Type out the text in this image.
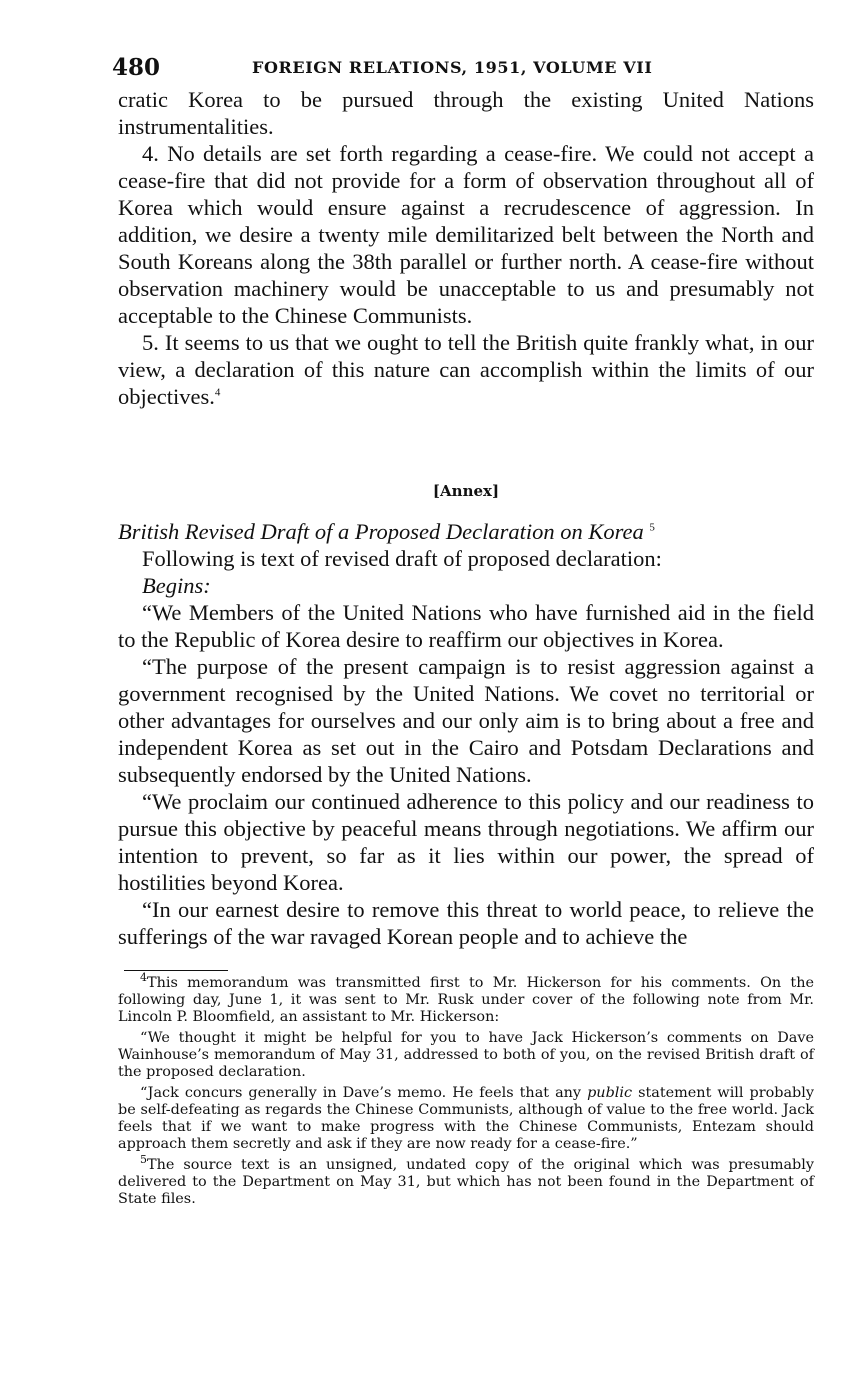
480	FOREIGN RELATIONS, 1951, VOLUME VII

cratic Korea to be pursued through the existing United Nations instrumentalities.

4. No details are set forth regarding a cease-fire. We could not accept a cease-fire that did not provide for a form of observation throughout all of Korea which would ensure against a recrudescence of aggression. In addition, we desire a twenty mile demilitarized belt between the North and South Koreans along the 38th parallel or further north. A cease-fire without observation machinery would be unacceptable to us and presumably not acceptable to the Chinese Communists.

5. It seems to us that we ought to tell the British quite frankly what, in our view, a declaration of this nature can accomplish within the limits of our objectives.$^4$

[Annex]

British Revised Draft of a Proposed Declaration on Korea $^5$

Following is text of revised draft of proposed declaration:

Begins:

“We Members of the United Nations who have furnished aid in the field to the Republic of Korea desire to reaffirm our objectives in Korea.

“The purpose of the present campaign is to resist aggression against a government recognised by the United Nations. We covet no territorial or other advantages for ourselves and our only aim is to bring about a free and independent Korea as set out in the Cairo and Potsdam Declarations and subsequently endorsed by the United Nations.

“We proclaim our continued adherence to this policy and our readiness to pursue this objective by peaceful means through negotiations. We affirm our intention to prevent, so far as it lies within our power, the spread of hostilities beyond Korea.

“In our earnest desire to remove this threat to world peace, to relieve the sufferings of the war ravaged Korean people and to achieve the

$^4$This memorandum was transmitted first to Mr. Hickerson for his comments. On the following day, June 1, it was sent to Mr. Rusk under cover of the following note from Mr. Lincoln P. Bloomfield, an assistant to Mr. Hickerson:

“We thought it might be helpful for you to have Jack Hickerson’s comments on Dave Wainhouse’s memorandum of May 31, addressed to both of you, on the revised British draft of the proposed declaration.

“Jack concurs generally in Dave’s memo. He feels that any public statement will probably be self-defeating as regards the Chinese Communists, although of value to the free world. Jack feels that if we want to make progress with the Chinese Communists, Entezam should approach them secretly and ask if they are now ready for a cease-fire.”

$^5$The source text is an unsigned, undated copy of the original which was presumably delivered to the Department on May 31, but which has not been found in the Department of State files.
